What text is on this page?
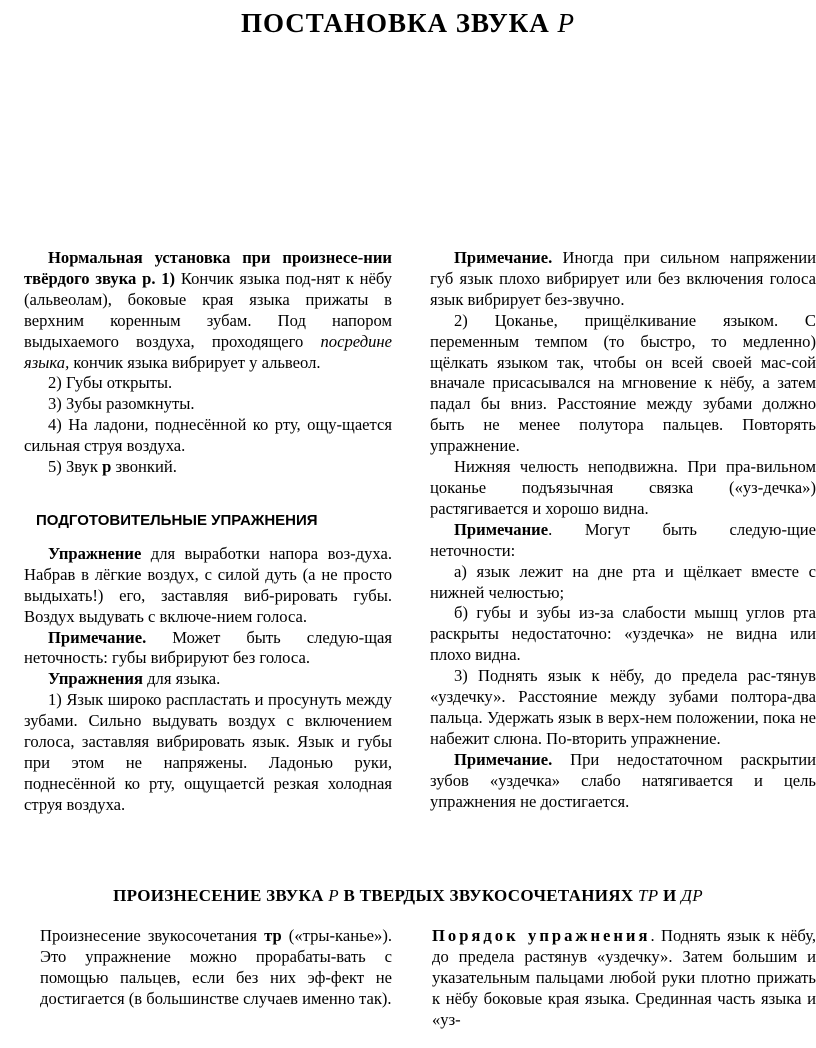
ПОСТАНОВКА ЗВУКА Р

Нормальная установка при произнесе-нии твёрдого звука р. 1) Кончик языка под-нят к нёбу (альвеолам), боковые края языка прижаты в верхним коренным зубам. Под напором выдыхаемого воздуха, проходящего посредине языка, кончик языка вибрирует у альвеол.

2) Губы открыты.

3) Зубы разомкнуты.

4) На ладони, поднесённой ко рту, ощу-щается сильная струя воздуха.

5) Звук р звонкий.

ПОДГОТОВИТЕЛЬНЫЕ УПРАЖНЕНИЯ

Упражнение для выработки напора воз-духа. Набрав в лёгкие воздух, с силой дуть (а не просто выдыхать!) его, заставляя виб-рировать губы. Воздух выдувать с включе-нием голоса.

Примечание. Может быть следую-щая неточность: губы вибрируют без голоса.

Упражнения для языка.

1) Язык широко распластать и просунуть между зубами. Сильно выдувать воздух с включением голоса, заставляя вибрировать язык. Язык и губы при этом не напряжены. Ладонью руки, поднесённой ко рту, ощущаетсй резкая холодная струя воздуха.

Примечание. Иногда при сильном напряжении губ язык плохо вибрирует или без включения голоса язык вибрирует без-звучно.

2) Цоканье, прищёлкивание языком. С переменным темпом (то быстро, то медленно) щёлкать языком так, чтобы он всей своей мас-сой вначале присасывался на мгновение к нёбу, а затем падал бы вниз. Расстояние между зубами должно быть не менее полутора пальцев. Повторять упражнение.

Нижняя челюсть неподвижна. При пра-вильном цоканье подъязычная связка («уз-дечка») растягивается и хорошо видна.

Примечание. Могут быть следую-щие неточности:

а) язык лежит на дне рта и щёлкает вместе с нижней челюстью;

б) губы и зубы из-за слабости мышц углов рта раскрыты недостаточно: «уздечка» не видна или плохо видна.

3) Поднять язык к нёбу, до предела рас-тянув «уздечку». Расстояние между зубами полтора-два пальца. Удержать язык в верх-нем положении, пока не набежит слюна. По-вторить упражнение.

Примечание. При недостаточном раскрытии зубов «уздечка» слабо натягивается и цель упражнения не достигается.

ПРОИЗНЕСЕНИЕ ЗВУКА Р В ТВЕРДЫХ ЗВУКОСОЧЕТАНИЯХ ТР И ДР

Произнесение звукосочетания тр («тры-канье»). Это упражнение можно прорабаты-вать с помощью пальцев, если без них эф-фект не достигается (в большинстве случаев именно так).

Порядок упражнения. Поднять язык к нёбу, до предела растянув «уздечку». Затем большим и указательным пальцами любой руки плотно прижать к нёбу боковые края языка. Срединная часть языка и «уз-
